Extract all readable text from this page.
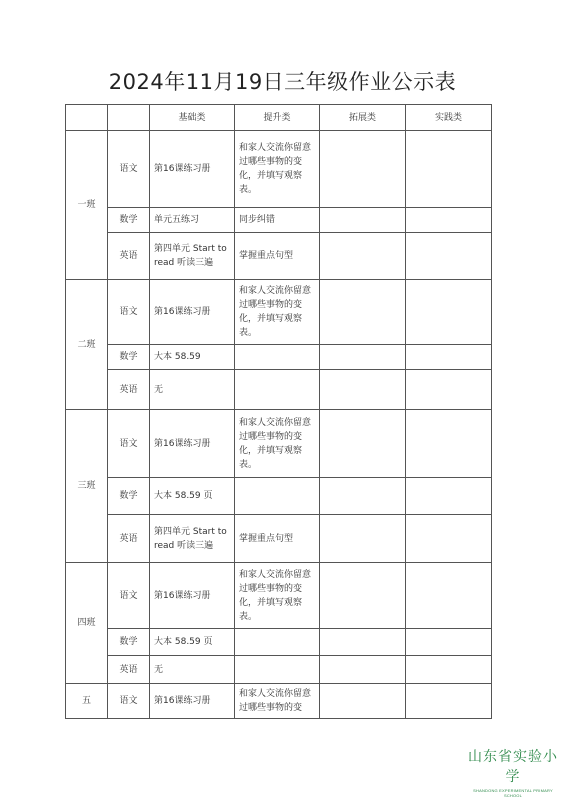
2024年11月19日三年级作业公示表
		基础类	提升类	拓展类	实践类

一班	语文	第16课练习册	和家人交流你留意过哪些事物的变化，并填写观察表。		
	数学	单元五练习	同步纠错		
	英语	第四单元 Start to read 听读三遍	掌握重点句型		

二班	语文	第16课练习册	和家人交流你留意过哪些事物的变化，并填写观察表。		
	数学	大本 58.59			
	英语	无			

三班	语文	第16课练习册	和家人交流你留意过哪些事物的变化，并填写观察表。		
	数学	大本 58.59 页			
	英语	第四单元 Start to read 听读三遍	掌握重点句型		

四班	语文	第16课练习册	和家人交流你留意过哪些事物的变化，并填写观察表。		
	数学	大本 58.59 页			
	英语	无			

五	语文	第16课练习册	和家人交流你留意过哪些事物的变		
山东省实验小学
SHANDONG EXPERIMENTAL PRIMARY SCHOOL
